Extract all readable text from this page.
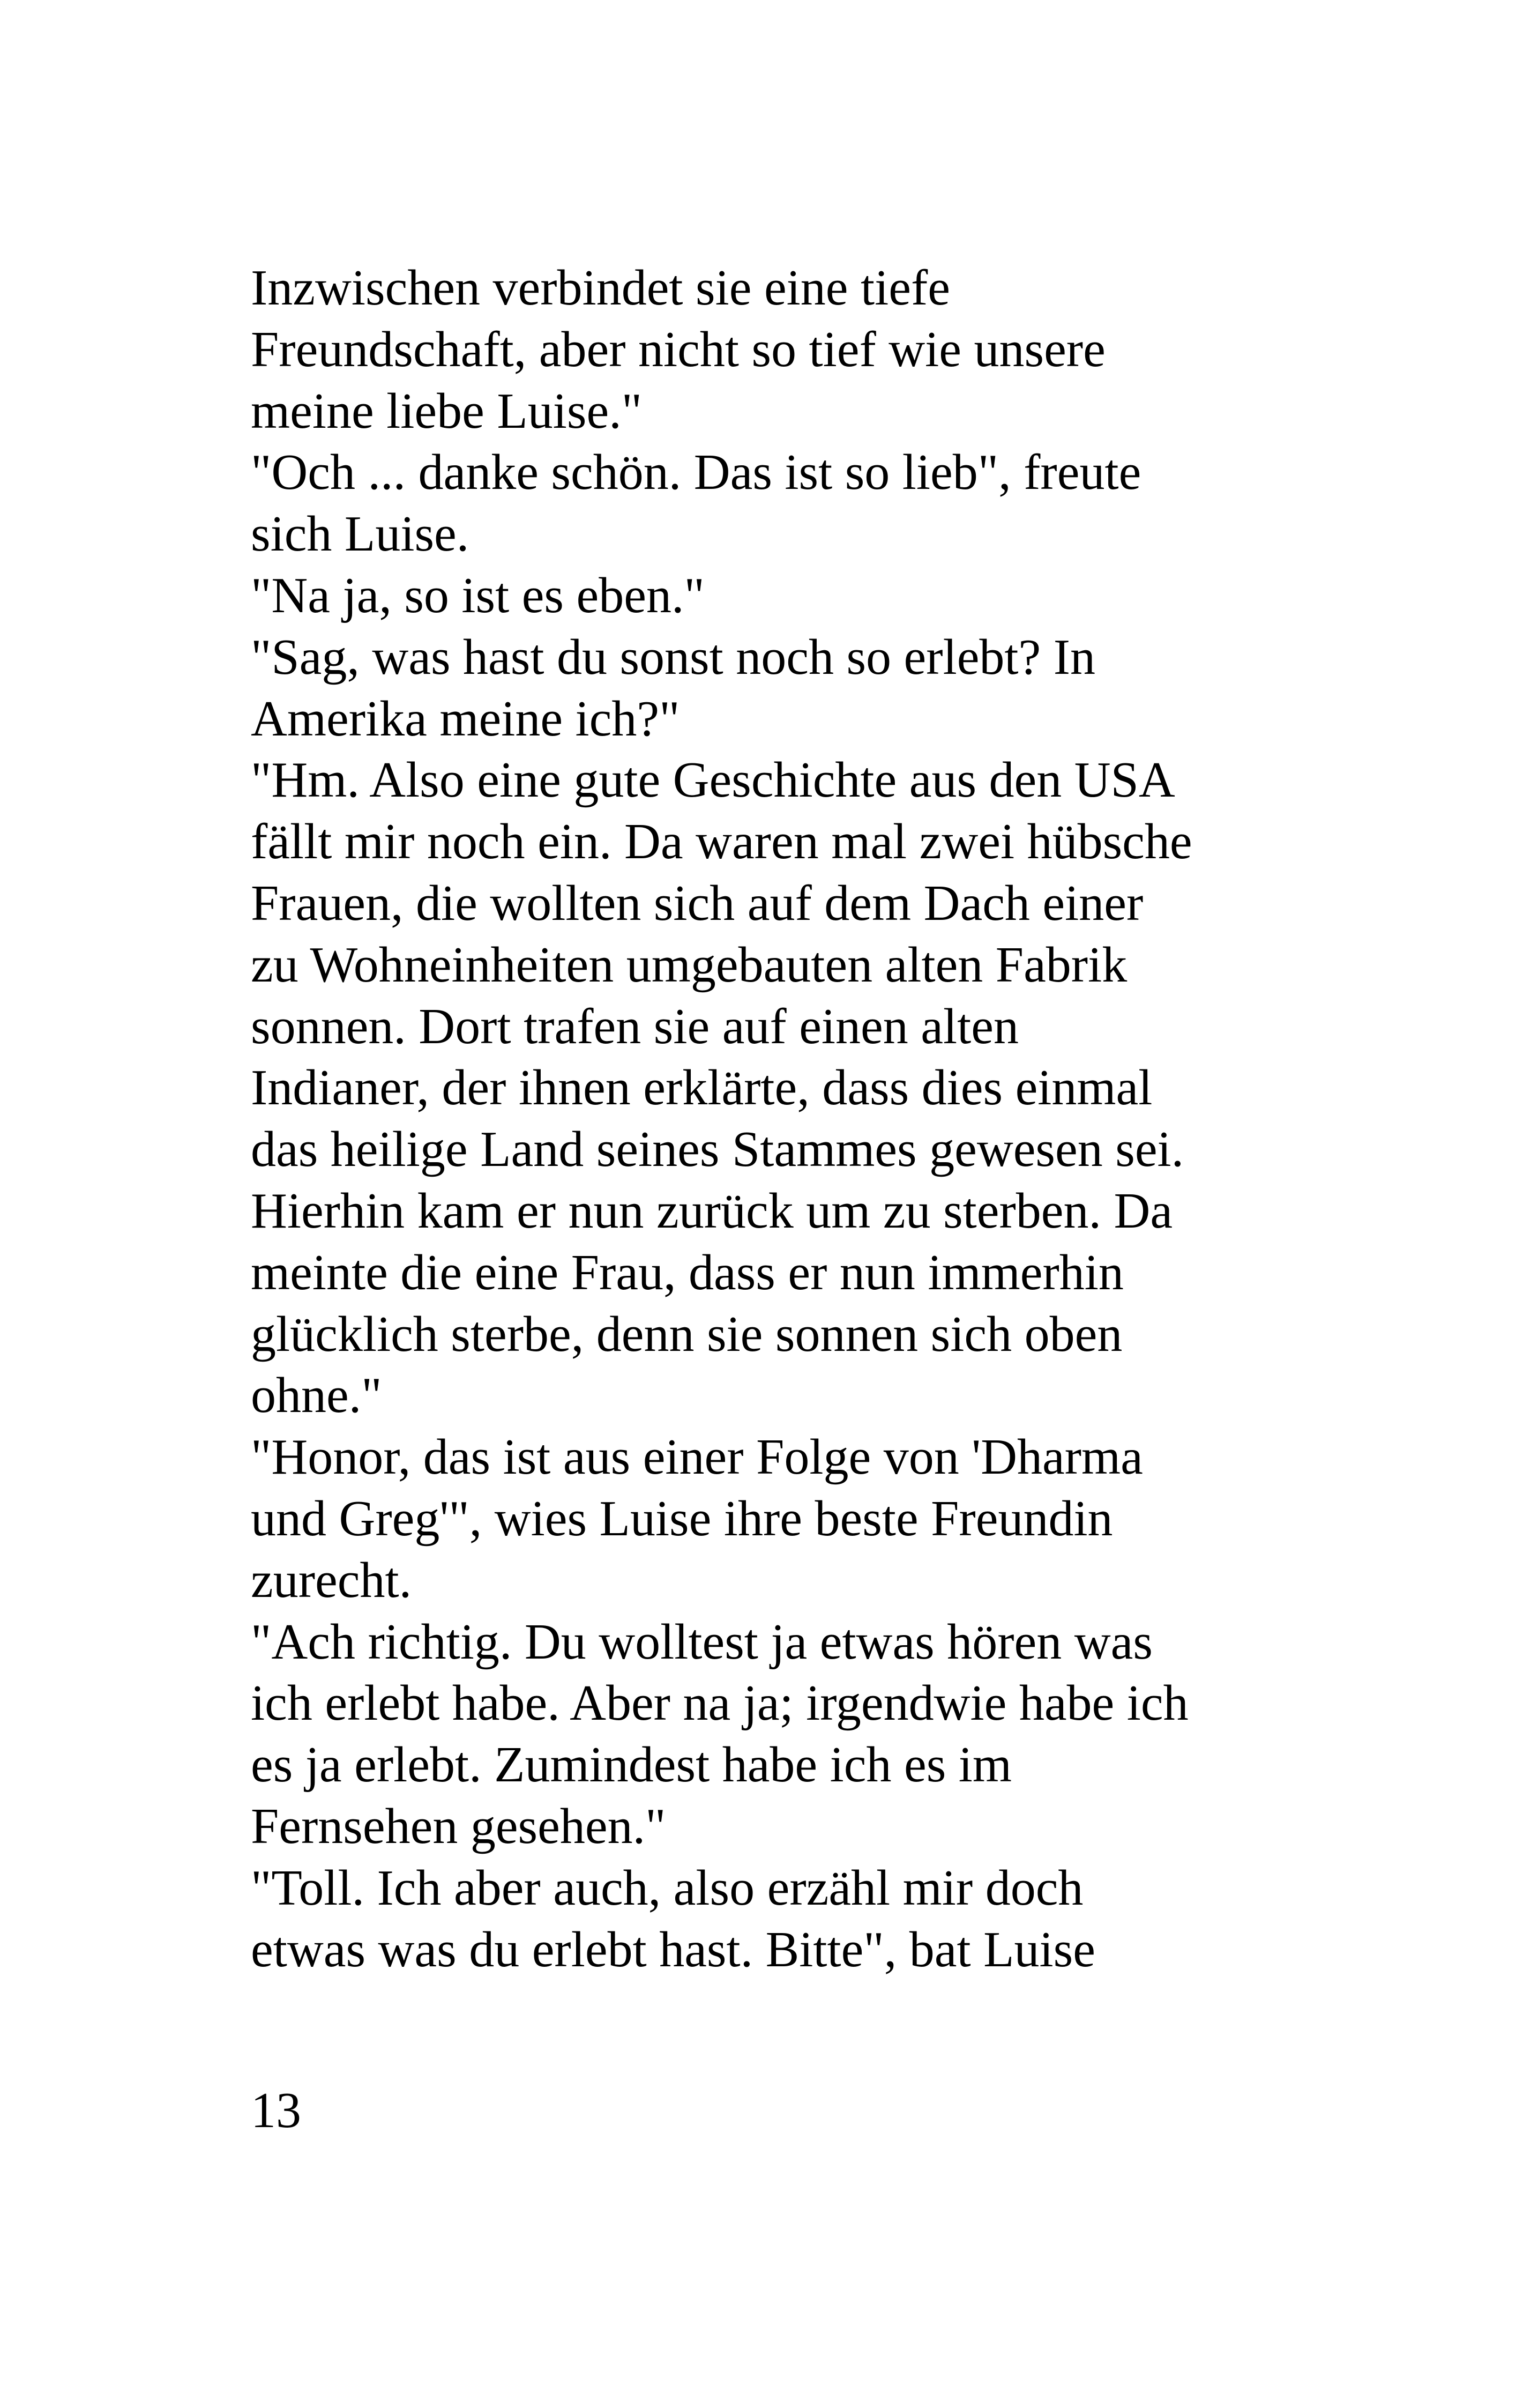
Inzwischen verbindet sie eine tiefe
Freundschaft, aber nicht so tief wie unsere
meine liebe Luise."
"Och ... danke schön. Das ist so lieb", freute
sich Luise.
"Na ja, so ist es eben."
"Sag, was hast du sonst noch so erlebt? In
Amerika meine ich?"
"Hm. Also eine gute Geschichte aus den USA
fällt mir noch ein. Da waren mal zwei hübsche
Frauen, die wollten sich auf dem Dach einer
zu Wohneinheiten umgebauten alten Fabrik
sonnen. Dort trafen sie auf einen alten
Indianer, der ihnen erklärte, dass dies einmal
das heilige Land seines Stammes gewesen sei.
Hierhin kam er nun zurück um zu sterben. Da
meinte die eine Frau, dass er nun immerhin
glücklich sterbe, denn sie sonnen sich oben
ohne."
"Honor, das ist aus einer Folge von 'Dharma
und Greg'", wies Luise ihre beste Freundin
zurecht.
"Ach richtig. Du wolltest ja etwas hören was
ich erlebt habe. Aber na ja; irgendwie habe ich
es ja erlebt. Zumindest habe ich es im
Fernsehen gesehen."
"Toll. Ich aber auch, also erzähl mir doch
etwas was du erlebt hast. Bitte", bat Luise
13
